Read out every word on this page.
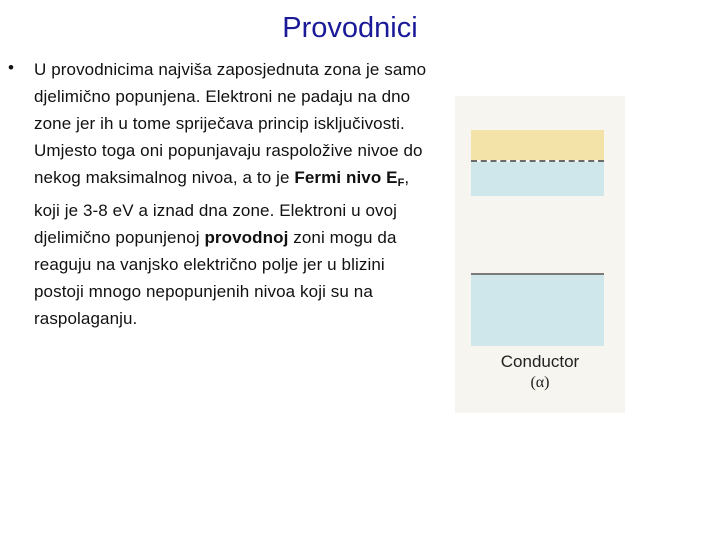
Provodnici
• U provodnicima najviša zaposjednuta zona je samo djelimično popunjena. Elektroni ne padaju na dno zone jer ih u tome spriječava princip isključivosti. Umjesto toga oni popunjavaju raspoložive nivoe do nekog maksimalnog nivoa, a to je Fermi nivo $E_F$, koji je 3-8 eV a iznad dna zone. Elektroni u ovoj djelimično popunjenoj provodnoj zoni mogu da reaguju na vanjsko električno polje jer u blizini postoji mnogo nepopunjenih nivoa koji su na raspolaganju.
Conductor
(α)
